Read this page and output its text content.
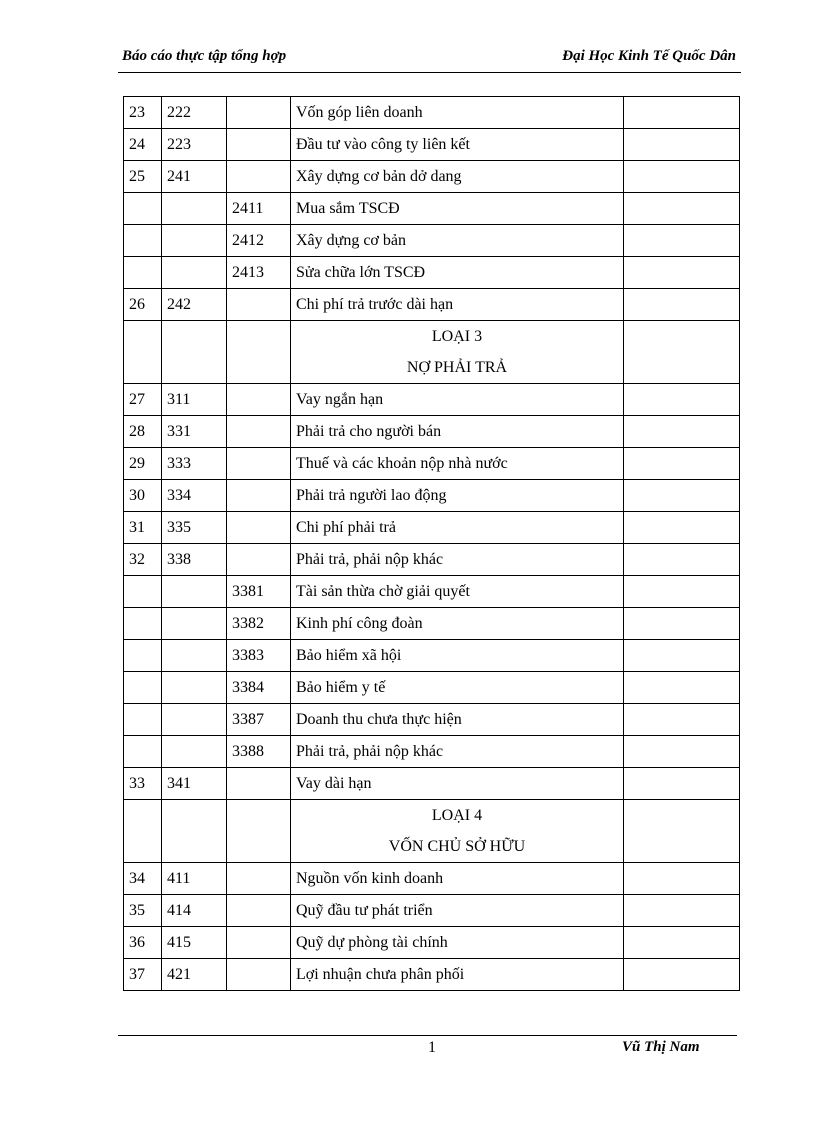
Báo cáo thực tập tổng hợp	Đại Học Kinh Tế Quốc Dân
23	222		Vốn góp liên doanh	
24	223		Đầu tư vào công ty liên kết	
25	241		Xây dựng cơ bản dở dang	
		2411	Mua sắm TSCĐ	
		2412	Xây dựng cơ bản	
		2413	Sửa chữa lớn TSCĐ	
26	242		Chi phí trả trước dài hạn	

			LOẠI 3
NỢ PHẢI TRẢ	

27	311		Vay ngắn hạn	
28	331		Phải trả cho người bán	
29	333		Thuế và các khoản nộp nhà nước	
30	334		Phải trả người lao động	
31	335		Chi phí phải trả	
32	338		Phải trả, phải nộp khác	
		3381	Tài sản thừa chờ giải quyết	
		3382	Kinh phí công đoàn	
		3383	Bảo hiểm xã hội	
		3384	Bảo hiểm y tế	
		3387	Doanh thu chưa thực hiện	
		3388	Phải trả, phải nộp khác	
33	341		Vay dài hạn	

			LOẠI 4
VỐN CHỦ SỞ HỮU	

34	411		Nguồn vốn kinh doanh	
35	414		Quỹ đầu tư phát triển	
36	415		Quỹ dự phòng tài chính	
37	421		Lợi nhuận chưa phân phối	
1	Vũ Thị Nam
